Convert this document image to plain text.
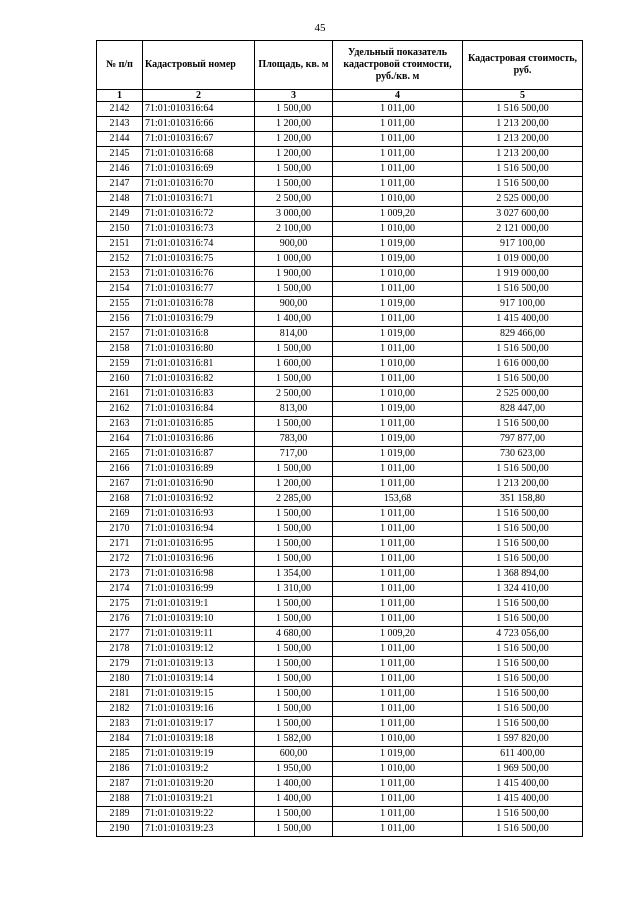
45
№ п/п	Кадастровый номер	Площадь, кв. м	Удельный показатель кадастровой стоимости, руб./кв. м	Кадастровая стоимость, руб.
1	2	3	4	5
2142	71:01:010316:64	1 500,00	1 011,00	1 516 500,00
2143	71:01:010316:66	1 200,00	1 011,00	1 213 200,00
2144	71:01:010316:67	1 200,00	1 011,00	1 213 200,00
2145	71:01:010316:68	1 200,00	1 011,00	1 213 200,00
2146	71:01:010316:69	1 500,00	1 011,00	1 516 500,00
2147	71:01:010316:70	1 500,00	1 011,00	1 516 500,00
2148	71:01:010316:71	2 500,00	1 010,00	2 525 000,00
2149	71:01:010316:72	3 000,00	1 009,20	3 027 600,00
2150	71:01:010316:73	2 100,00	1 010,00	2 121 000,00
2151	71:01:010316:74	900,00	1 019,00	917 100,00
2152	71:01:010316:75	1 000,00	1 019,00	1 019 000,00
2153	71:01:010316:76	1 900,00	1 010,00	1 919 000,00
2154	71:01:010316:77	1 500,00	1 011,00	1 516 500,00
2155	71:01:010316:78	900,00	1 019,00	917 100,00
2156	71:01:010316:79	1 400,00	1 011,00	1 415 400,00
2157	71:01:010316:8	814,00	1 019,00	829 466,00
2158	71:01:010316:80	1 500,00	1 011,00	1 516 500,00
2159	71:01:010316:81	1 600,00	1 010,00	1 616 000,00
2160	71:01:010316:82	1 500,00	1 011,00	1 516 500,00
2161	71:01:010316:83	2 500,00	1 010,00	2 525 000,00
2162	71:01:010316:84	813,00	1 019,00	828 447,00
2163	71:01:010316:85	1 500,00	1 011,00	1 516 500,00
2164	71:01:010316:86	783,00	1 019,00	797 877,00
2165	71:01:010316:87	717,00	1 019,00	730 623,00
2166	71:01:010316:89	1 500,00	1 011,00	1 516 500,00
2167	71:01:010316:90	1 200,00	1 011,00	1 213 200,00
2168	71:01:010316:92	2 285,00	153,68	351 158,80
2169	71:01:010316:93	1 500,00	1 011,00	1 516 500,00
2170	71:01:010316:94	1 500,00	1 011,00	1 516 500,00
2171	71:01:010316:95	1 500,00	1 011,00	1 516 500,00
2172	71:01:010316:96	1 500,00	1 011,00	1 516 500,00
2173	71:01:010316:98	1 354,00	1 011,00	1 368 894,00
2174	71:01:010316:99	1 310,00	1 011,00	1 324 410,00
2175	71:01:010319:1	1 500,00	1 011,00	1 516 500,00
2176	71:01:010319:10	1 500,00	1 011,00	1 516 500,00
2177	71:01:010319:11	4 680,00	1 009,20	4 723 056,00
2178	71:01:010319:12	1 500,00	1 011,00	1 516 500,00
2179	71:01:010319:13	1 500,00	1 011,00	1 516 500,00
2180	71:01:010319:14	1 500,00	1 011,00	1 516 500,00
2181	71:01:010319:15	1 500,00	1 011,00	1 516 500,00
2182	71:01:010319:16	1 500,00	1 011,00	1 516 500,00
2183	71:01:010319:17	1 500,00	1 011,00	1 516 500,00
2184	71:01:010319:18	1 582,00	1 010,00	1 597 820,00
2185	71:01:010319:19	600,00	1 019,00	611 400,00
2186	71:01:010319:2	1 950,00	1 010,00	1 969 500,00
2187	71:01:010319:20	1 400,00	1 011,00	1 415 400,00
2188	71:01:010319:21	1 400,00	1 011,00	1 415 400,00
2189	71:01:010319:22	1 500,00	1 011,00	1 516 500,00
2190	71:01:010319:23	1 500,00	1 011,00	1 516 500,00
